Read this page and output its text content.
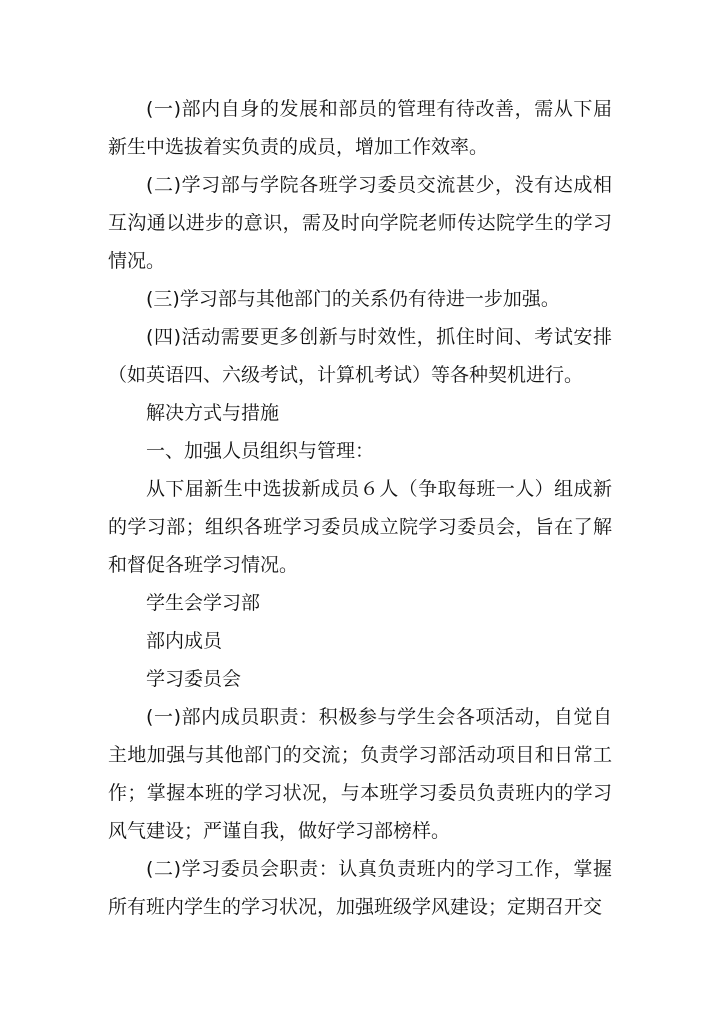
(一)部内自身的发展和部员的管理有待改善，需从下届新生中选拔着实负责的成员，增加工作效率。

(二)学习部与学院各班学习委员交流甚少，没有达成相互沟通以进步的意识，需及时向学院老师传达院学生的学习情况。

(三)学习部与其他部门的关系仍有待进一步加强。

(四)活动需要更多创新与时效性，抓住时间、考试安排（如英语四、六级考试，计算机考试）等各种契机进行。

解决方式与措施

一、加强人员组织与管理：

从下届新生中选拔新成员６人（争取每班一人）组成新的学习部；组织各班学习委员成立院学习委员会，旨在了解和督促各班学习情况。

学生会学习部

部内成员

学习委员会

(一)部内成员职责：积极参与学生会各项活动，自觉自主地加强与其他部门的交流；负责学习部活动项目和日常工作；掌握本班的学习状况，与本班学习委员负责班内的学习风气建设；严谨自我，做好学习部榜样。

(二)学习委员会职责：认真负责班内的学习工作，掌握所有班内学生的学习状况，加强班级学风建设；定期召开交
